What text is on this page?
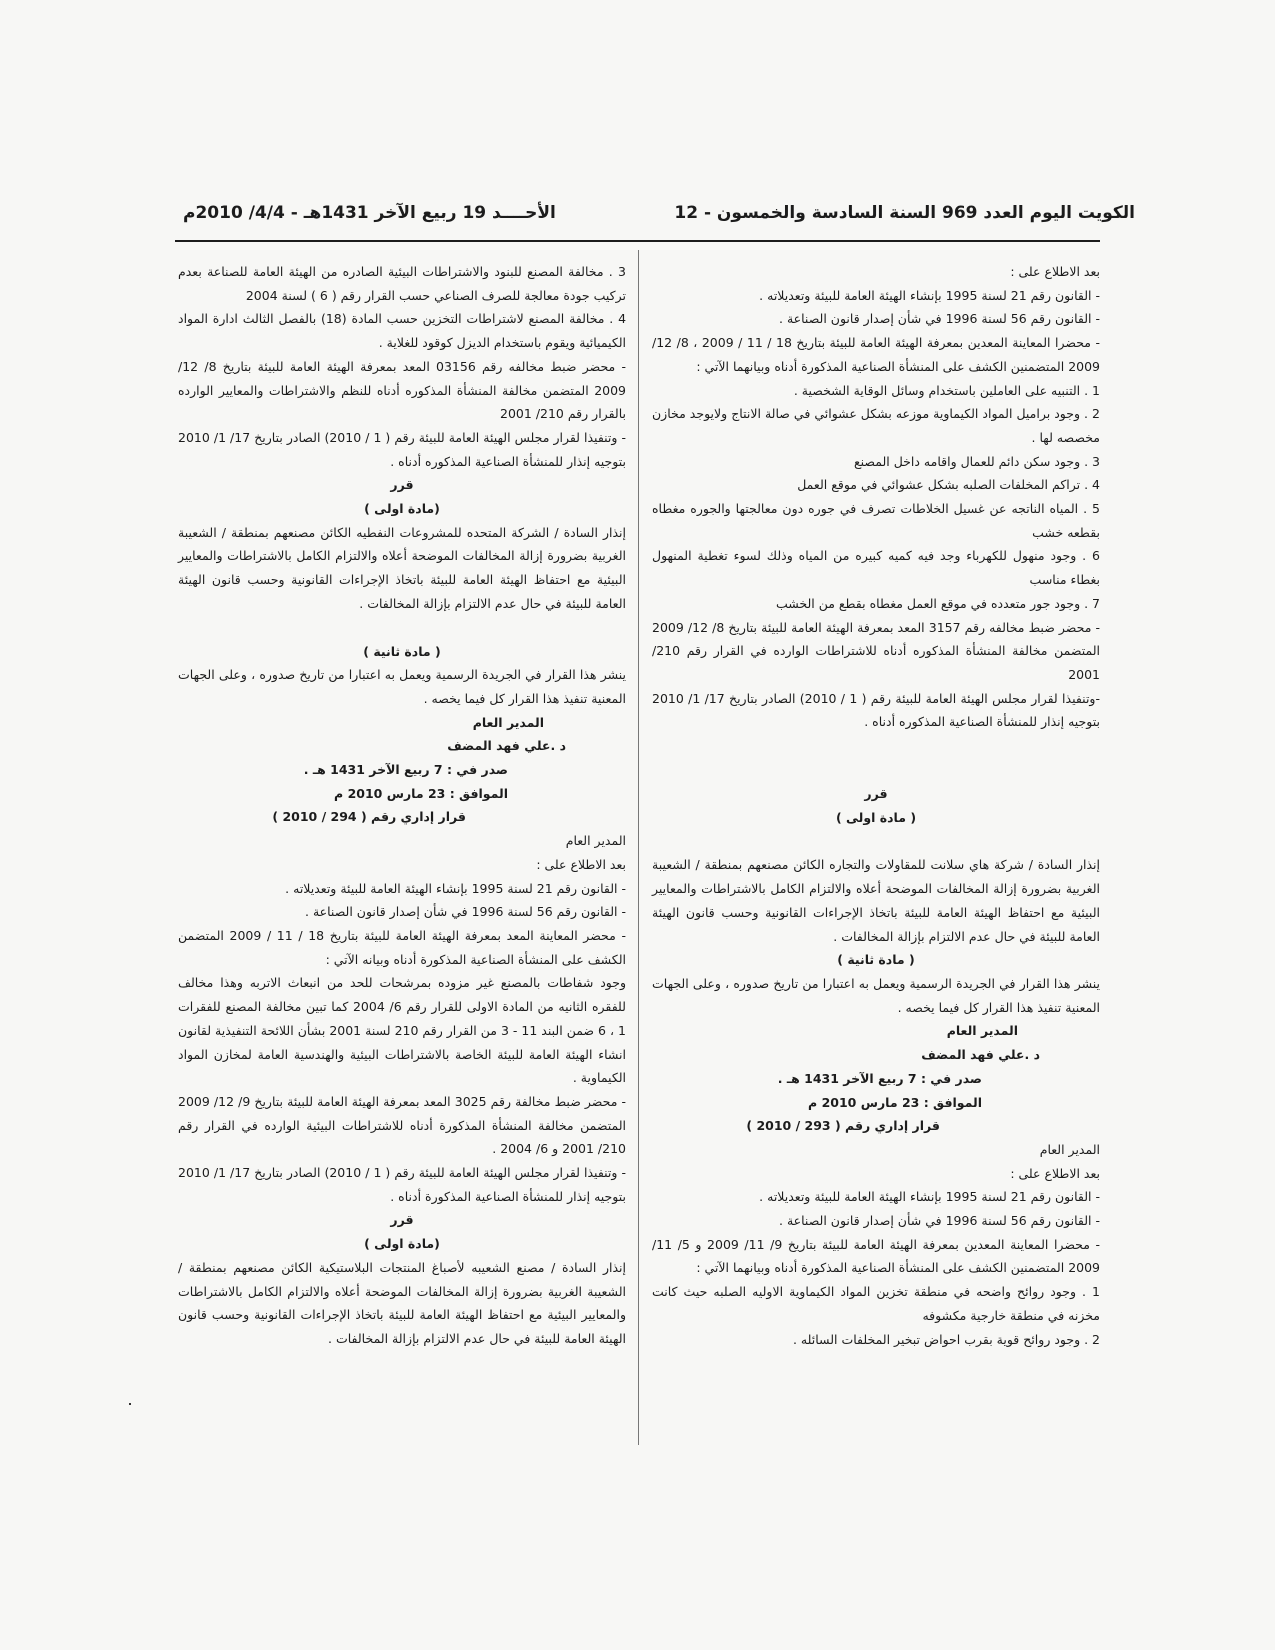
الكويت اليوم العدد 969 السنة السادسة والخمسون - 12
الأحــــد 19 ربيع الآخر 1431هـ - 4/4/ 2010م

بعد الاطلاع على :

- القانون رقم 21 لسنة 1995 بإنشاء الهيئة العامة للبيئة وتعديلاته .

- القانون رقم 56 لسنة 1996 في شأن إصدار قانون الصناعة .

- محضرا المعاينة المعدين بمعرفة الهيئة العامة للبيئة بتاريخ 18 / 11 / 2009 ، 8/ 12/ 2009 المتضمنين الكشف على المنشأة الصناعية المذكورة أدناه وبيانهما الآتي :

1 . التنبيه على العاملين باستخدام وسائل الوقاية الشخصية .

2 . وجود براميل المواد الكيماوية موزعه بشكل عشوائي في صالة الانتاج ولايوجد مخازن مخصصه لها .

3 . وجود سكن دائم للعمال واقامه داخل المصنع

4 . تراكم المخلفات الصلبه بشكل عشوائي في موقع العمل

5 . المياه الناتجه عن غسيل الخلاطات تصرف في جوره دون معالجتها والجوره مغطاه بقطعه خشب

6 . وجود منهول للكهرباء وجد فيه كميه كبيره من المياه وذلك لسوء تغطية المنهول بغطاء مناسب

7 . وجود جور متعدده في موقع العمل مغطاه بقطع من الخشب

- محضر ضبط مخالفه رقم 3157 المعد بمعرفة الهيئة العامة للبيئة بتاريخ 8/ 12/ 2009 المتضمن مخالفة المنشأة المذكوره أدناه للاشتراطات الوارده في القرار رقم 210/ 2001

-وتنفيذا لقرار مجلس الهيئة العامة للبيئة رقم ( 1 / 2010) الصادر بتاريخ 17/ 1/ 2010 بتوجيه إنذار للمنشأة الصناعية المذكوره أدناه .

قرر

( مادة اولى )

إنذار السادة / شركة هاي سلانت للمقاولات والتجاره الكائن مصنعهم بمنطقة / الشعيبة الغربية بضرورة إزالة المخالفات الموضحة أعلاه والالتزام الكامل بالاشتراطات والمعايير البيئية مع احتفاظ الهيئة العامة للبيئة باتخاذ الإجراءات القانونية وحسب قانون الهيئة العامة للبيئة في حال عدم الالتزام بإزالة المخالفات .

( مادة ثانية )

ينشر هذا القرار في الجريدة الرسمية ويعمل به اعتبارا من تاريخ صدوره ، وعلى الجهات المعنية تنفيذ هذا القرار كل فيما يخصه .

المدير العام

د .علي فهد المضف

صدر في : 7 ربيع الآخر 1431 هـ .

الموافق : 23 مارس 2010 م

قرار إداري رقم ( 293 / 2010 )

المدير العام

بعد الاطلاع على :

- القانون رقم 21 لسنة 1995 بإنشاء الهيئة العامة للبيئة وتعديلاته .

- القانون رقم 56 لسنة 1996 في شأن إصدار قانون الصناعة .

- محضرا المعاينة المعدين بمعرفة الهيئة العامة للبيئة بتاريخ 9/ 11/ 2009 و 5/ 11/ 2009 المتضمنين الكشف على المنشأة الصناعية المذكورة أدناه وبيانهما الآتي :

1 . وجود روائح واضحه في منطقة تخزين المواد الكيماوية الاوليه الصلبه حيث كانت مخزنه في منطقة خارجية مكشوفه

2 . وجود روائح قوية بقرب احواض تبخير المخلفات السائله .

3 . مخالفة المصنع للبنود والاشتراطات البيئية الصادره من الهيئة العامة للصناعة بعدم تركيب جودة معالجة للصرف الصناعي حسب القرار رقم ( 6 ) لسنة 2004

4 . مخالفة المصنع لاشتراطات التخزين حسب المادة (18) بالفصل الثالث ادارة المواد الكيميائية ويقوم باستخدام الديزل كوقود للغلاية .

- محضر ضبط مخالفه رقم 03156 المعد بمعرفة الهيئة العامة للبيئة بتاريخ 8/ 12/ 2009 المتضمن مخالفة المنشأة المذكوره أدناه للنظم والاشتراطات والمعايير الوارده بالقرار رقم 210/ 2001

- وتنفيذا لقرار مجلس الهيئة العامة للبيئة رقم ( 1 / 2010) الصادر بتاريخ 17/ 1/ 2010 بتوجيه إنذار للمنشأة الصناعية المذكوره أدناه .

قرر

(مادة اولى )

إنذار السادة / الشركة المتحده للمشروعات النفطيه الكائن مصنعهم بمنطقة / الشعيبة الغربية بضرورة إزالة المخالفات الموضحة أعلاه والالتزام الكامل بالاشتراطات والمعايير البيئية مع احتفاظ الهيئة العامة للبيئة باتخاذ الإجراءات القانونية وحسب قانون الهيئة العامة للبيئة في حال عدم الالتزام بإزالة المخالفات .

( مادة ثانية )

ينشر هذا القرار في الجريدة الرسمية ويعمل به اعتبارا من تاريخ صدوره ، وعلى الجهات المعنية تنفيذ هذا القرار كل فيما يخصه .

المدير العام

د .علي فهد المضف

صدر في : 7 ربيع الآخر 1431 هـ .

الموافق : 23 مارس 2010 م

قرار إداري رقم ( 294 / 2010 )

المدير العام

بعد الاطلاع على :

- القانون رقم 21 لسنة 1995 بإنشاء الهيئة العامة للبيئة وتعديلاته .

- القانون رقم 56 لسنة 1996 في شأن إصدار قانون الصناعة .

- محضر المعاينة المعد بمعرفة الهيئة العامة للبيئة بتاريخ 18 / 11 / 2009 المتضمن الكشف على المنشأة الصناعية المذكورة أدناه وبيانه الآتي :

وجود شفاطات بالمصنع غير مزوده بمرشحات للحد من انبعاث الاتربه وهذا مخالف للفقره الثانيه من المادة الاولى للقرار رقم 6/ 2004 كما تبين مخالفة المصنع للفقرات 1 ، 6 ضمن البند 11 - 3 من القرار رقم 210 لسنة 2001 بشأن اللائحة التنفيذية لقانون انشاء الهيئة العامة للبيئة الخاصة بالاشتراطات البيئية والهندسية العامة لمخازن المواد الكيماوية .

- محضر ضبط مخالفة رقم 3025 المعد بمعرفة الهيئة العامة للبيئة بتاريخ 9/ 12/ 2009 المتضمن مخالفة المنشأة المذكورة أدناه للاشتراطات البيئية الوارده في القرار رقم 210/ 2001 و 6/ 2004 .

- وتنفيذا لقرار مجلس الهيئة العامة للبيئة رقم ( 1 / 2010) الصادر بتاريخ 17/ 1/ 2010 بتوجيه إنذار للمنشأة الصناعية المذكورة أدناه .

قرر

(مادة اولى )

إنذار السادة / مصنع الشعيبه لأصباغ المنتجات البلاستيكية الكائن مصنعهم بمنطقة / الشعيبة الغربية بضرورة إزالة المخالفات الموضحة أعلاه والالتزام الكامل بالاشتراطات والمعايير البيئية مع احتفاظ الهيئة العامة للبيئة باتخاذ الإجراءات القانونية وحسب قانون الهيئة العامة للبيئة في حال عدم الالتزام بإزالة المخالفات .
